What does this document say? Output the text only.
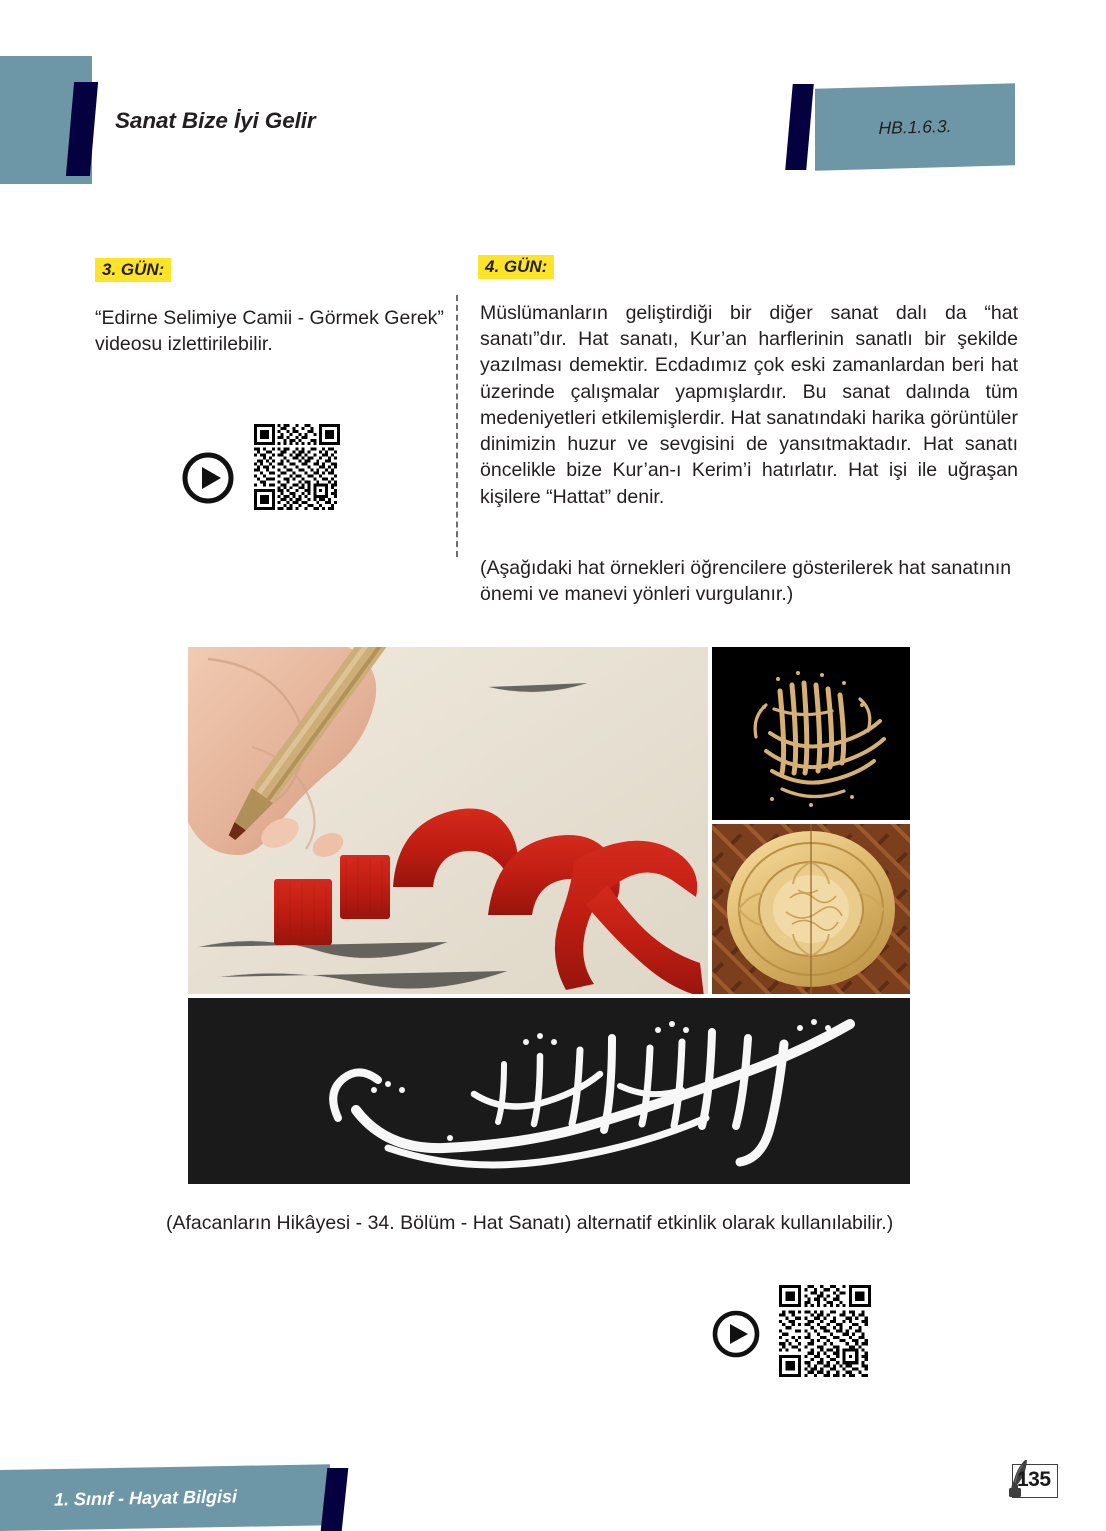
Sanat Bize İyi Gelir	HB.1.6.3.
3. GÜN:
“Edirne Selimiye Camii - Görmek Gerek” videosu izlettirilebilir.
4. GÜN:
Müslümanların geliştirdiği bir diğer sanat dalı da “hat sanatı”dır. Hat sanatı, Kur’an harflerinin sanatlı bir şekilde yazılması demektir. Ecdadımız çok eski zamanlardan beri hat üzerinde çalışmalar yapmışlardır. Bu sanat dalında tüm medeniyetleri etkilemişlerdir. Hat sanatındaki harika görüntüler dinimizin huzur ve sevgisini de yansıtmaktadır. Hat sanatı öncelikle bize Kur’an-ı Kerim’i hatırlatır. Hat işi ile uğraşan kişilere “Hattat” denir.
(Aşağıdaki hat örnekleri öğrencilere gösterilerek hat sanatının önemi ve manevi yönleri vurgulanır.)
(Afacanların Hikâyesi - 34. Bölüm - Hat Sanatı) alternatif etkinlik olarak kullanılabilir.)
1. Sınıf - Hayat Bilgisi
135
